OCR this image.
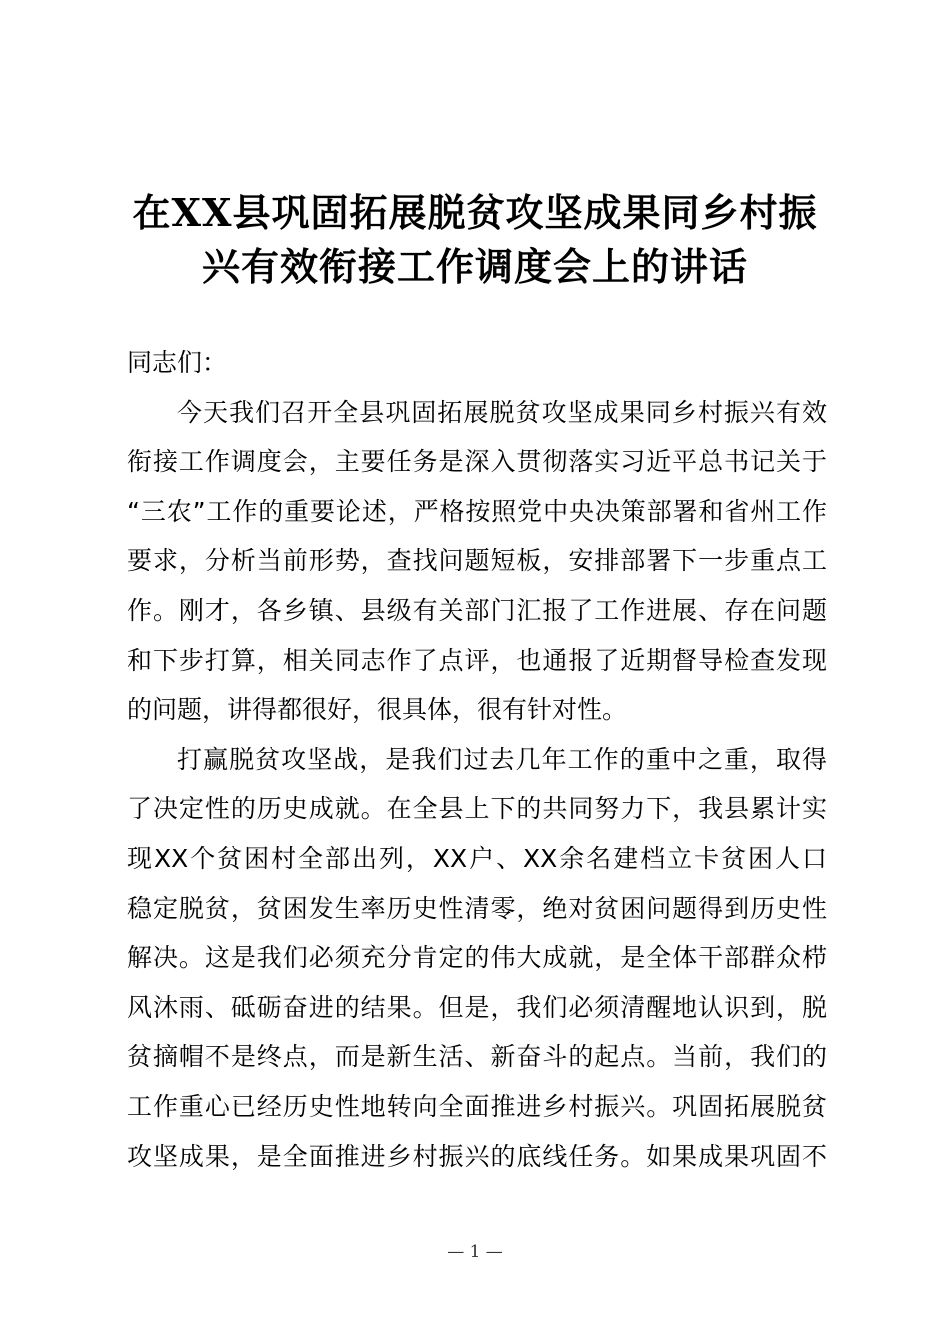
在XX县巩固拓展脱贫攻坚成果同乡村振
兴有效衔接工作调度会上的讲话
同志们：
今天我们召开全县巩固拓展脱贫攻坚成果同乡村振兴有效
衔接工作调度会，主要任务是深入贯彻落实习近平总书记关于
“三农”工作的重要论述，严格按照党中央决策部署和省州工作
要求，分析当前形势，查找问题短板，安排部署下一步重点工
作。刚才，各乡镇、县级有关部门汇报了工作进展、存在问题
和下步打算，相关同志作了点评，也通报了近期督导检查发现
的问题，讲得都很好，很具体，很有针对性。
打赢脱贫攻坚战，是我们过去几年工作的重中之重，取得
了决定性的历史成就。在全县上下的共同努力下，我县累计实
现XX个贫困村全部出列，XX户、XX余名建档立卡贫困人口
稳定脱贫，贫困发生率历史性清零，绝对贫困问题得到历史性
解决。这是我们必须充分肯定的伟大成就，是全体干部群众栉
风沐雨、砥砺奋进的结果。但是，我们必须清醒地认识到，脱
贫摘帽不是终点，而是新生活、新奋斗的起点。当前，我们的
工作重心已经历史性地转向全面推进乡村振兴。巩固拓展脱贫
攻坚成果，是全面推进乡村振兴的底线任务。如果成果巩固不
— 1 —
